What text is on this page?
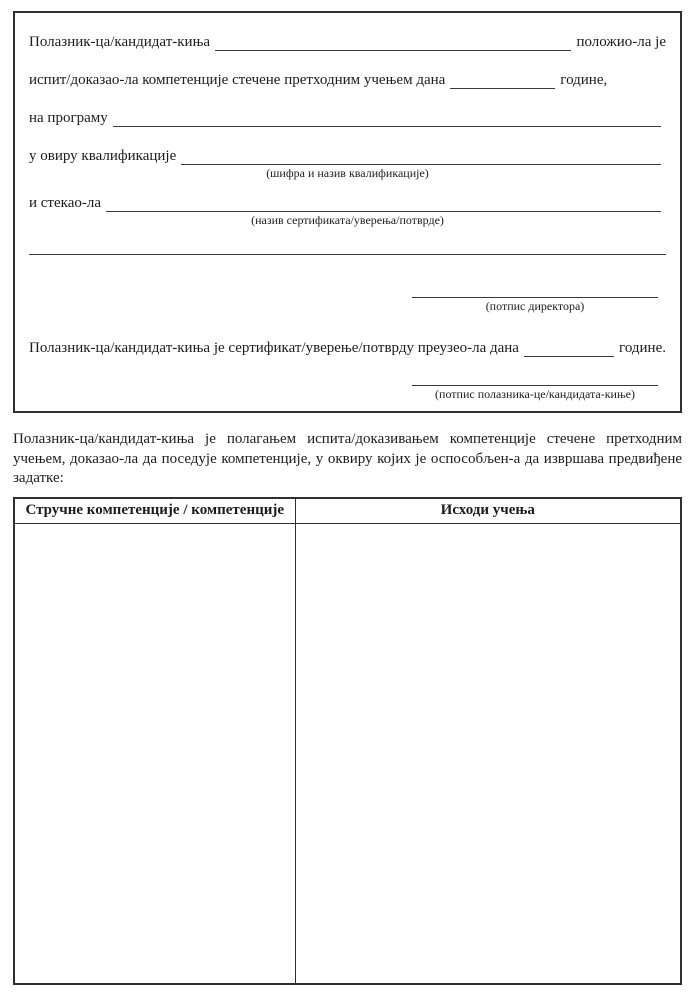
Полазник-ца/кандидат-киња	положио-ла је
испит/доказао-ла компетенције стечене претходним учењем дана	године,
на програму
у овиру квалификације
(шифра и назив квалификације)
и стекао-ла
(назив сертификата/уверења/потврде)
(потпис директора)
Полазник-ца/кандидат-киња је сертификат/уверење/потврду преузео-ла дана	године.
(потпис полазника-це/кандидата-киње)

Полазник-ца/кандидат-киња је полагањем испита/доказивањем компетенције стечене претходним учењем, доказао-ла да поседује компетенције, у оквиру којих је оспособљен-а да извршава предвиђене задатке:

Стручне компетенције / компетенције	Исходи учења
